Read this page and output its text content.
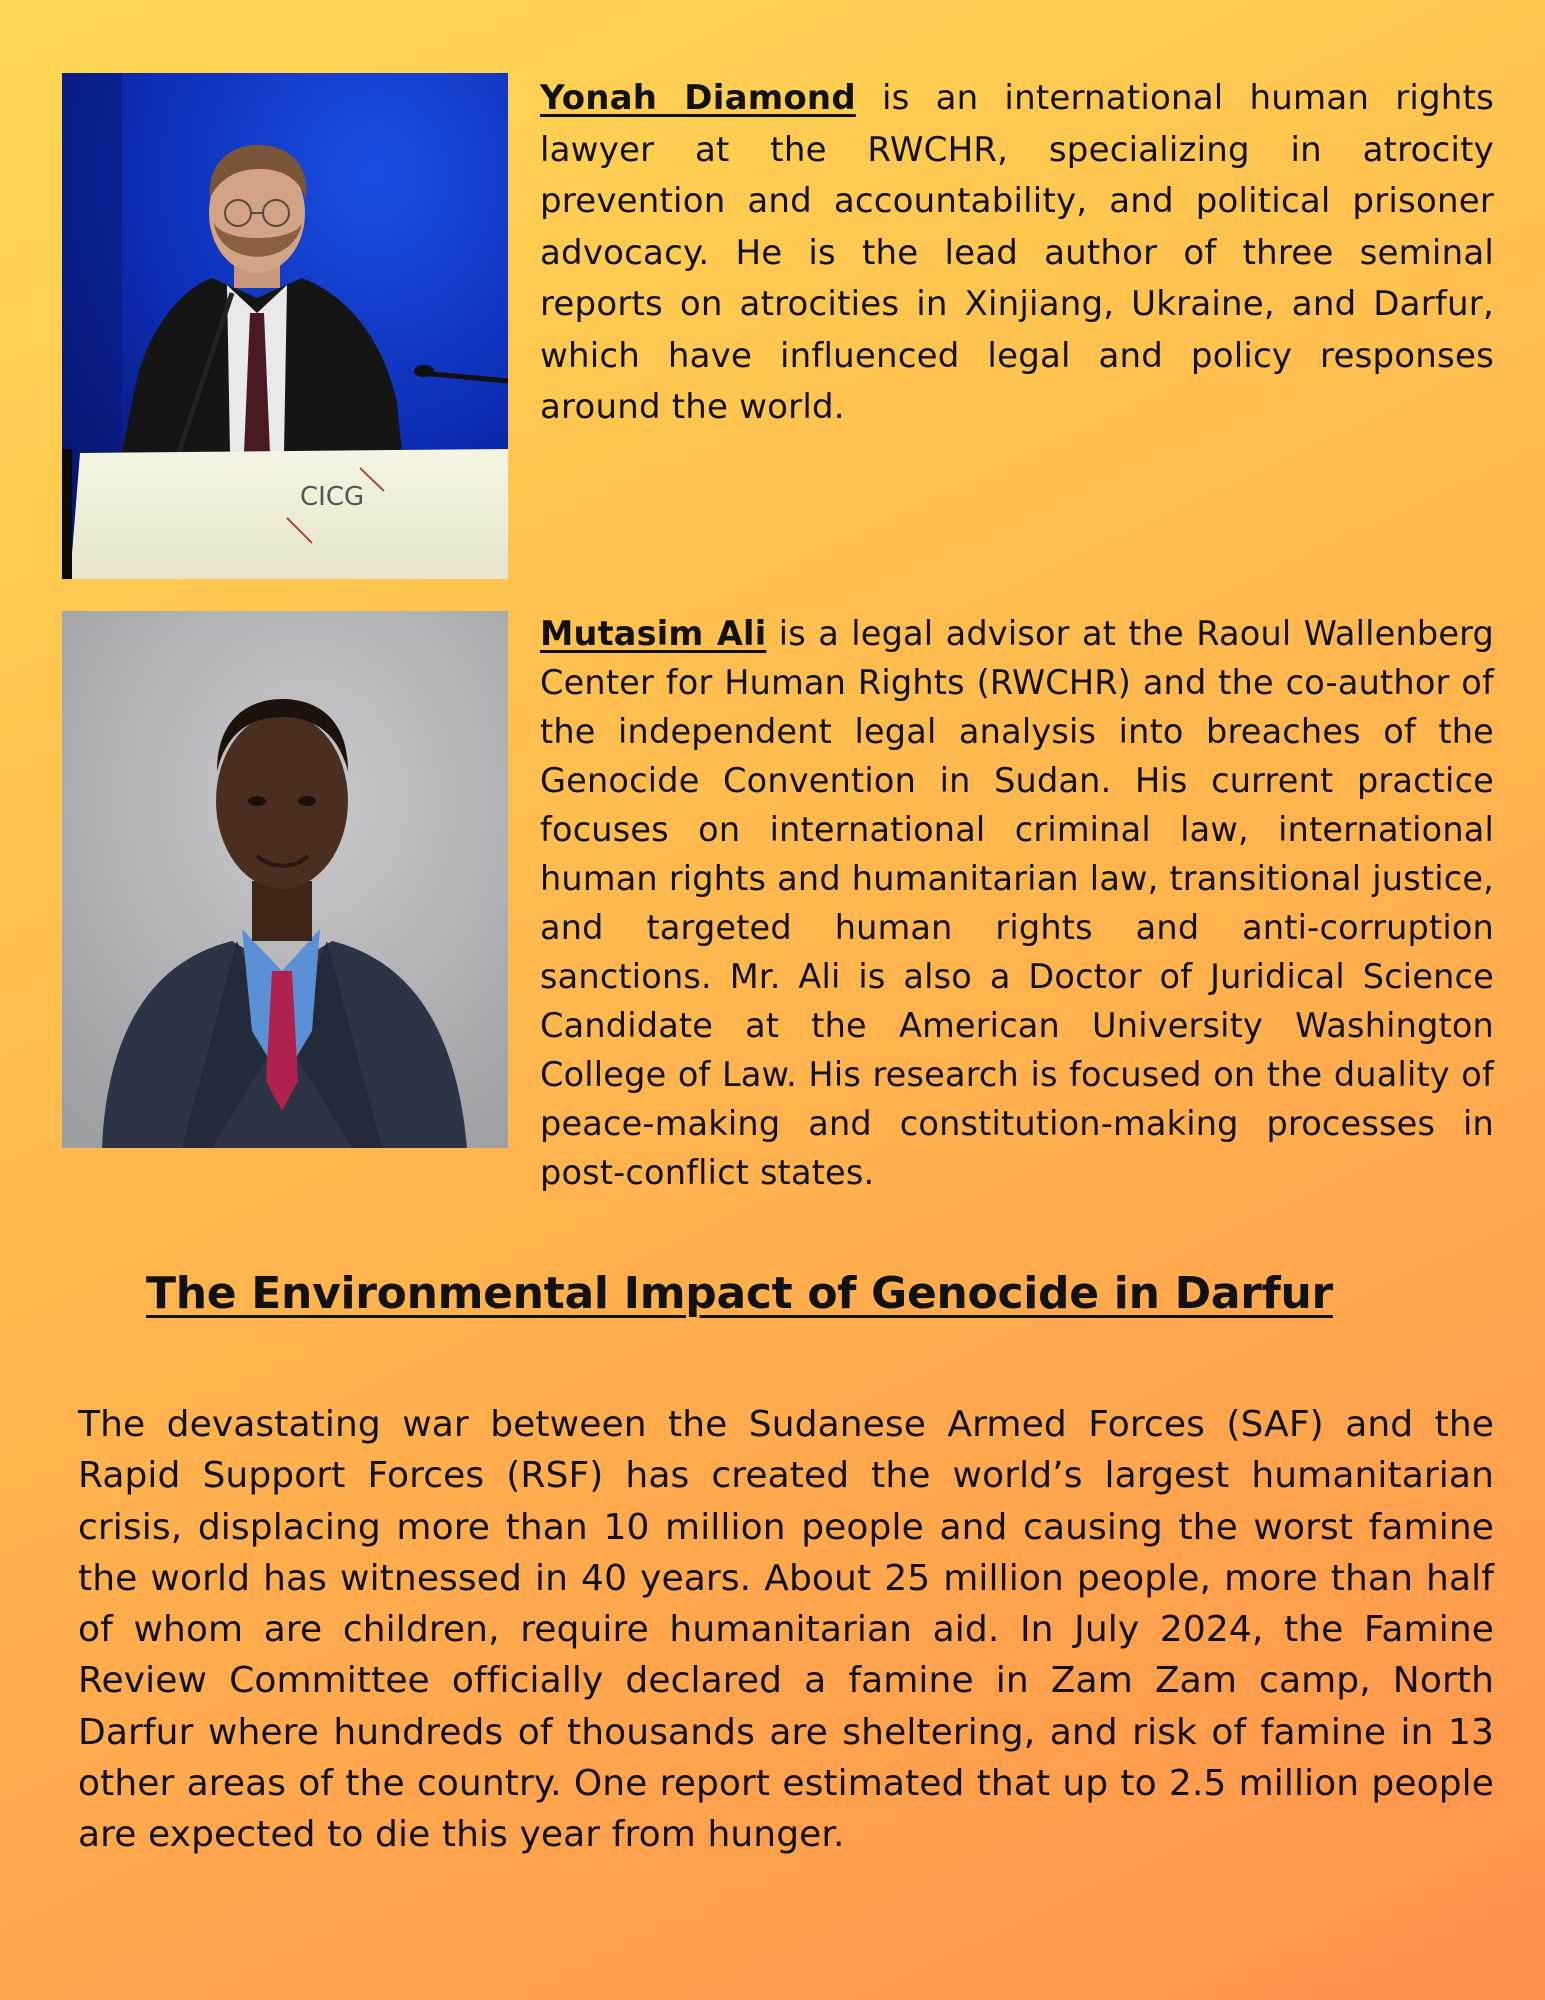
CICG

Yonah Diamond is an international human rights lawyer at the RWCHR, specializing in atrocity prevention and accountability, and political prisoner advocacy. He is the lead author of three seminal reports on atrocities in Xinjiang, Ukraine, and Darfur, which have influenced legal and policy responses around the world.

Mutasim Ali is a legal advisor at the Raoul Wallenberg Center for Human Rights (RWCHR) and the co-author of the independent legal analysis into breaches of the Genocide Convention in Sudan. His current practice focuses on international criminal law, international human rights and humanitarian law, transitional justice, and targeted human rights and anti-corruption sanctions. Mr. Ali is also a Doctor of Juridical Science Candidate at the American University Washington College of Law. His research is focused on the duality of peace-making and constitution-making processes in post-conflict states.

The Environmental Impact of Genocide in Darfur

The devastating war between the Sudanese Armed Forces (SAF) and the Rapid Support Forces (RSF) has created the world’s largest humanitarian crisis, displacing more than 10 million people and causing the worst famine the world has witnessed in 40 years. About 25 million people, more than half of whom are children, require humanitarian aid. In July 2024, the Famine Review Committee officially declared a famine in Zam Zam camp, North Darfur where hundreds of thousands are sheltering, and risk of famine in 13 other areas of the country. One report estimated that up to 2.5 million people are expected to die this year from hunger.
